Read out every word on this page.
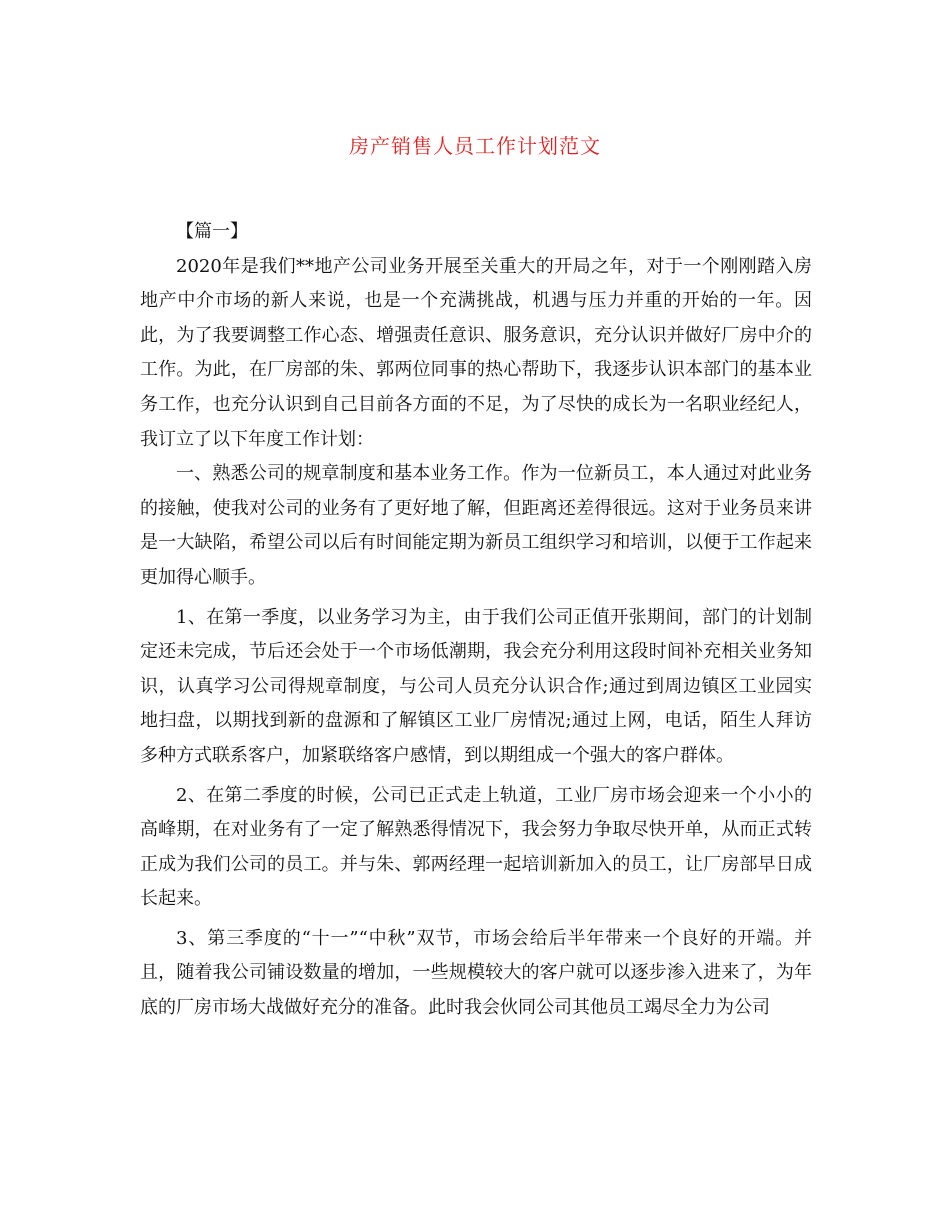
房产销售人员工作计划范文

【篇一】

2020年是我们**地产公司业务开展至关重大的开局之年，对于一个刚刚踏入房地产中介市场的新人来说，也是一个充满挑战，机遇与压力并重的开始的一年。因此，为了我要调整工作心态、增强责任意识、服务意识，充分认识并做好厂房中介的工作。为此，在厂房部的朱、郭两位同事的热心帮助下，我逐步认识本部门的基本业务工作，也充分认识到自己目前各方面的不足，为了尽快的成长为一名职业经纪人，我订立了以下年度工作计划：

一、熟悉公司的规章制度和基本业务工作。作为一位新员工，本人通过对此业务的接触，使我对公司的业务有了更好地了解，但距离还差得很远。这对于业务员来讲是一大缺陷，希望公司以后有时间能定期为新员工组织学习和培训，以便于工作起来更加得心顺手。

1、在第一季度，以业务学习为主，由于我们公司正值开张期间，部门的计划制定还未完成，节后还会处于一个市场低潮期，我会充分利用这段时间补充相关业务知识，认真学习公司得规章制度，与公司人员充分认识合作;通过到周边镇区工业园实地扫盘，以期找到新的盘源和了解镇区工业厂房情况;通过上网，电话，陌生人拜访多种方式联系客户，加紧联络客户感情，到以期组成一个强大的客户群体。

2、在第二季度的时候，公司已正式走上轨道，工业厂房市场会迎来一个小小的高峰期，在对业务有了一定了解熟悉得情况下，我会努力争取尽快开单，从而正式转正成为我们公司的员工。并与朱、郭两经理一起培训新加入的员工，让厂房部早日成长起来。

3、第三季度的“十一”“中秋”双节，市场会给后半年带来一个良好的开端。并且，随着我公司铺设数量的增加，一些规模较大的客户就可以逐步渗入进来了，为年底的厂房市场大战做好充分的准备。此时我会伙同公司其他员工竭尽全力为公司
